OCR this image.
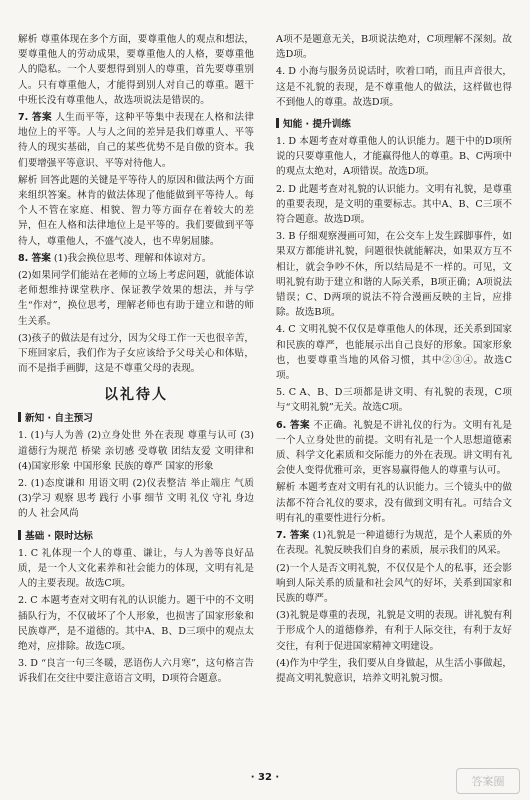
解析 尊重体现在多个方面，要尊重他人的观点和想法，要尊重他人的劳动成果，要尊重他人的人格，要尊重他人的隐私。一个人要想得到别人的尊重，首先要尊重别人。只有尊重他人，才能得到别人对自己的尊重。题干中班长没有尊重他人，故选项说法是错误的。

7. 答案 人生而平等，这种平等集中表现在人格和法律地位上的平等。人与人之间的差异是我们尊重人、平等待人的现实基础，自己的某些优势不是自傲的资本。我们要增强平等意识、平等对待他人。

解析 回答此题的关键是平等待人的原因和做法两个方面来组织答案。林肯的做法体现了他能做到平等待人。每个人不管在家庭、相貌、智力等方面存在着较大的差异，但在人格和法律地位上是平等的。我们要做到平等待人，尊重他人，不盛气凌人，也不卑躬屈膝。

8. 答案 (1)我会换位思考、理解和体谅对方。

(2)如果同学们能站在老师的立场上考虑问题，就能体谅老师想维持课堂秩序、保证教学效果的想法，并与学生“作对”，换位思考，理解老师也有助于建立和谐的师生关系。

(3)孩子的做法是有过分，因为父母工作一天也很辛苦，下班回家后，我们作为子女应该给予父母关心和体贴，而不是指手画脚，这是不尊重父母的表现。

以礼待人
新知 · 自主预习

1. (1)与人为善 (2)立身处世 外在表现 尊重与认可 (3)道德行为规范 桥梁 亲切感 受尊敬 团结友爱 文明律和 (4)国家形象 中国形象 民族的尊严 国家的形象

2. (1)态度谦和 用语文明 (2)仪表整洁 举止端庄 气质 (3)学习 观察 思考 践行 小事 细节 文明 礼仪 守礼 身边的人 社会风尚

基础 · 限时达标

1. C 礼体现一个人的尊重、谦让，与人为善等良好品质，是一个人文化素养和社会能力的体现，文明有礼是人的主要表现。故选C项。

2. C 本题考查对文明有礼的认识能力。题干中的不文明插队行为，不仅破坏了个人形象，也损害了国家形象和民族尊严，是不道德的。其中A、B、D三项中的观点太绝对，应排除。故选C项。

3. D “良言一句三冬暖，恶语伤人六月寒”，这句格言告诉我们在交往中要注意语言文明，D项符合题意。

A项不是题意无关，B项说法绝对，C项理解不深刻。故选D项。

4. D 小海与服务员说话时，吹着口哨，而且声音很大，这是不礼貌的表现，是不尊重他人的做法，这样做也得不到他人的尊重。故选D项。

知能 · 提升训练

1. D 本题考查对尊重他人的认识能力。题干中的D项所说的只要尊重他人，才能赢得他人的尊重。B、C两项中的观点太绝对，A项错误。故选D项。

2. D 此题考查对礼貌的认识能力。文明有礼貌，是尊重的重要表现，是文明的重要标志。其中A、B、C三项不符合题意。故选D项。

3. B 仔细观察漫画可知，在公交车上发生踩脚事件，如果双方都能讲礼貌，问题很快就能解决，如果双方互不相让，就会争吵不休，所以结局是不一样的。可见，文明礼貌有助于建立和谐的人际关系，B项正确；A项说法错误；C、D两项的说法不符合漫画反映的主旨，应排除。故选B项。

4. C 文明礼貌不仅仅是尊重他人的体现，还关系到国家和民族的尊严，也能展示出自己良好的形象。国家形象也，也要尊重当地的风俗习惯，其中②③④。故选C项。

5. C A、B、D三项都是讲文明、有礼貌的表现，C项与“文明礼貌”无关。故选C项。

6. 答案 不正确。礼貌是不讲礼仪的行为。文明有礼是一个人立身处世的前提。文明有礼是一个人思想道德素质、科学文化素质和交际能力的外在表现。讲文明有礼会使人变得优雅可亲，更容易赢得他人的尊重与认可。

解析 本题考查对文明有礼的认识能力。三个镜头中的做法都不符合礼仪的要求，没有做到文明有礼。可结合文明有礼的重要性进行分析。

7. 答案 (1)礼貌是一种道德行为规范，是个人素质的外在表现。礼貌反映我们自身的素质，展示我们的风采。

(2)一个人是否文明礼貌，不仅仅是个人的私事，还会影响到人际关系的质量和社会风气的好坏，关系到国家和民族的尊严。

(3)礼貌是尊重的表现，礼貌是文明的表现。讲礼貌有利于形成个人的道德修养，有利于人际交往，有利于友好交往，有利于促进国家精神文明建设。

(4)作为中学生，我们要从自身做起，从生活小事做起，提高文明礼貌意识，培养文明礼貌习惯。

· 32 ·	答案圈
